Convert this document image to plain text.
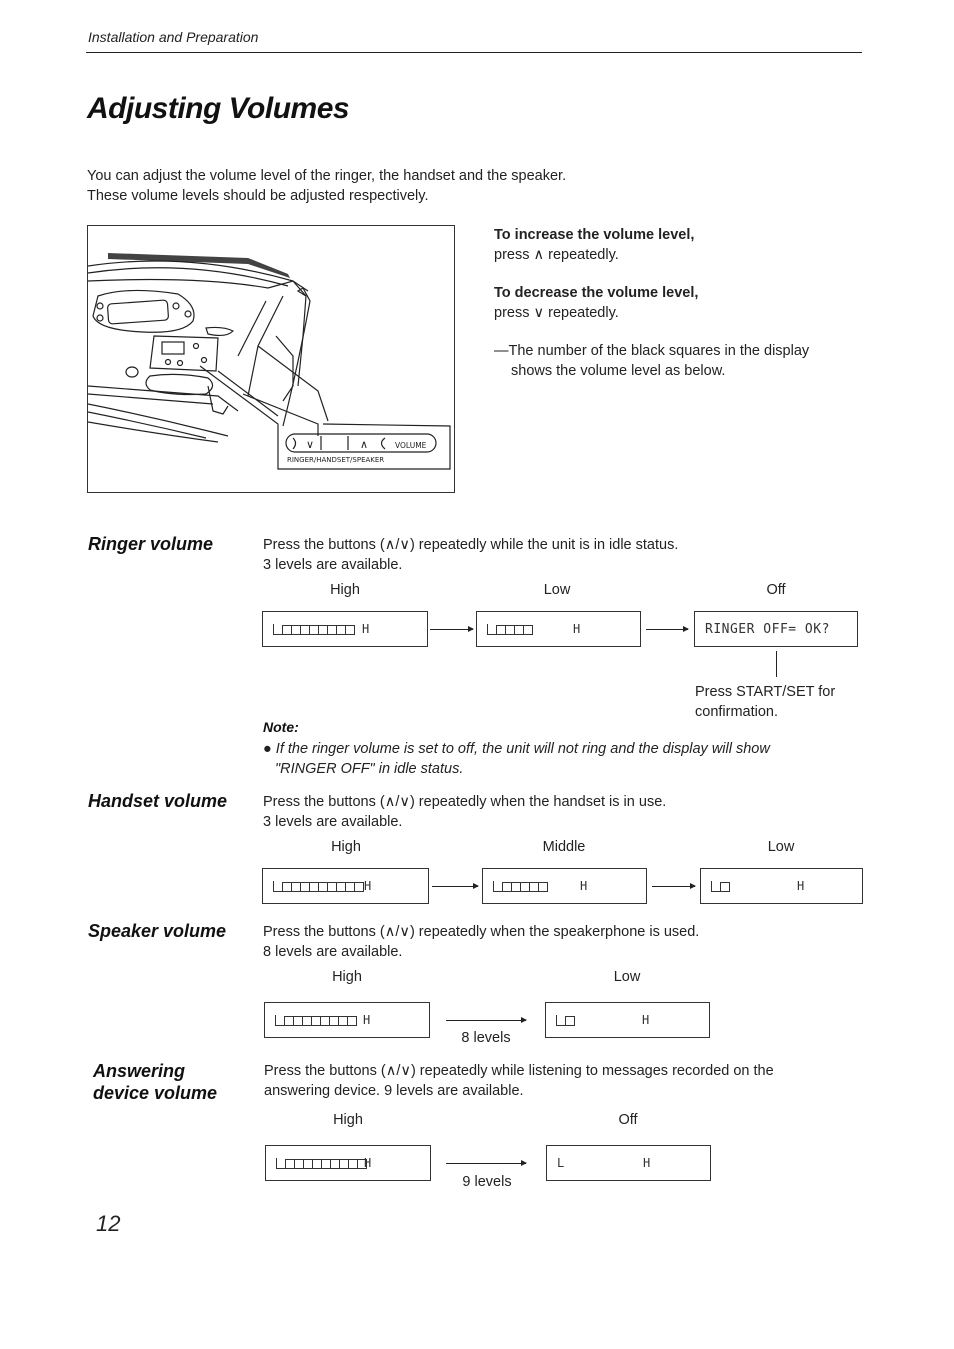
Installation and Preparation
Adjusting Volumes
You can adjust the volume level of the ringer, the handset and the speaker.
These volume levels should be adjusted respectively.
∨	∧	VOLUME
RINGER/HANDSET/SPEAKER
To increase the volume level,
press ∧ repeatedly.
To decrease the volume level,
press ∨ repeatedly.
—The number of the black squares in the display
shows the volume level as below.
Ringer volume	Press the buttons (∧/∨) repeatedly while the unit is in idle status.
3 levels are available.
High	Low	Off
H	H	RINGER OFF= OK?
Press START/SET for
confirmation.
Note:
● If the ringer volume is set to off, the unit will not ring and the display will show
"RINGER OFF" in idle status.
Handset volume Press the buttons (∧/∨) repeatedly when the handset is in use.
3 levels are available.
High	Middle	Low
H	H	H
Speaker volume	Press the buttons (∧/∨) repeatedly when the speakerphone is used.
8 levels are available.
High	Low
H
8 levels
H
Answering
device volume
Press the buttons (∧/∨) repeatedly while listening to messages recorded on the
answering device. 9 levels are available.
High	Off
H
9 levels
L	H
12
